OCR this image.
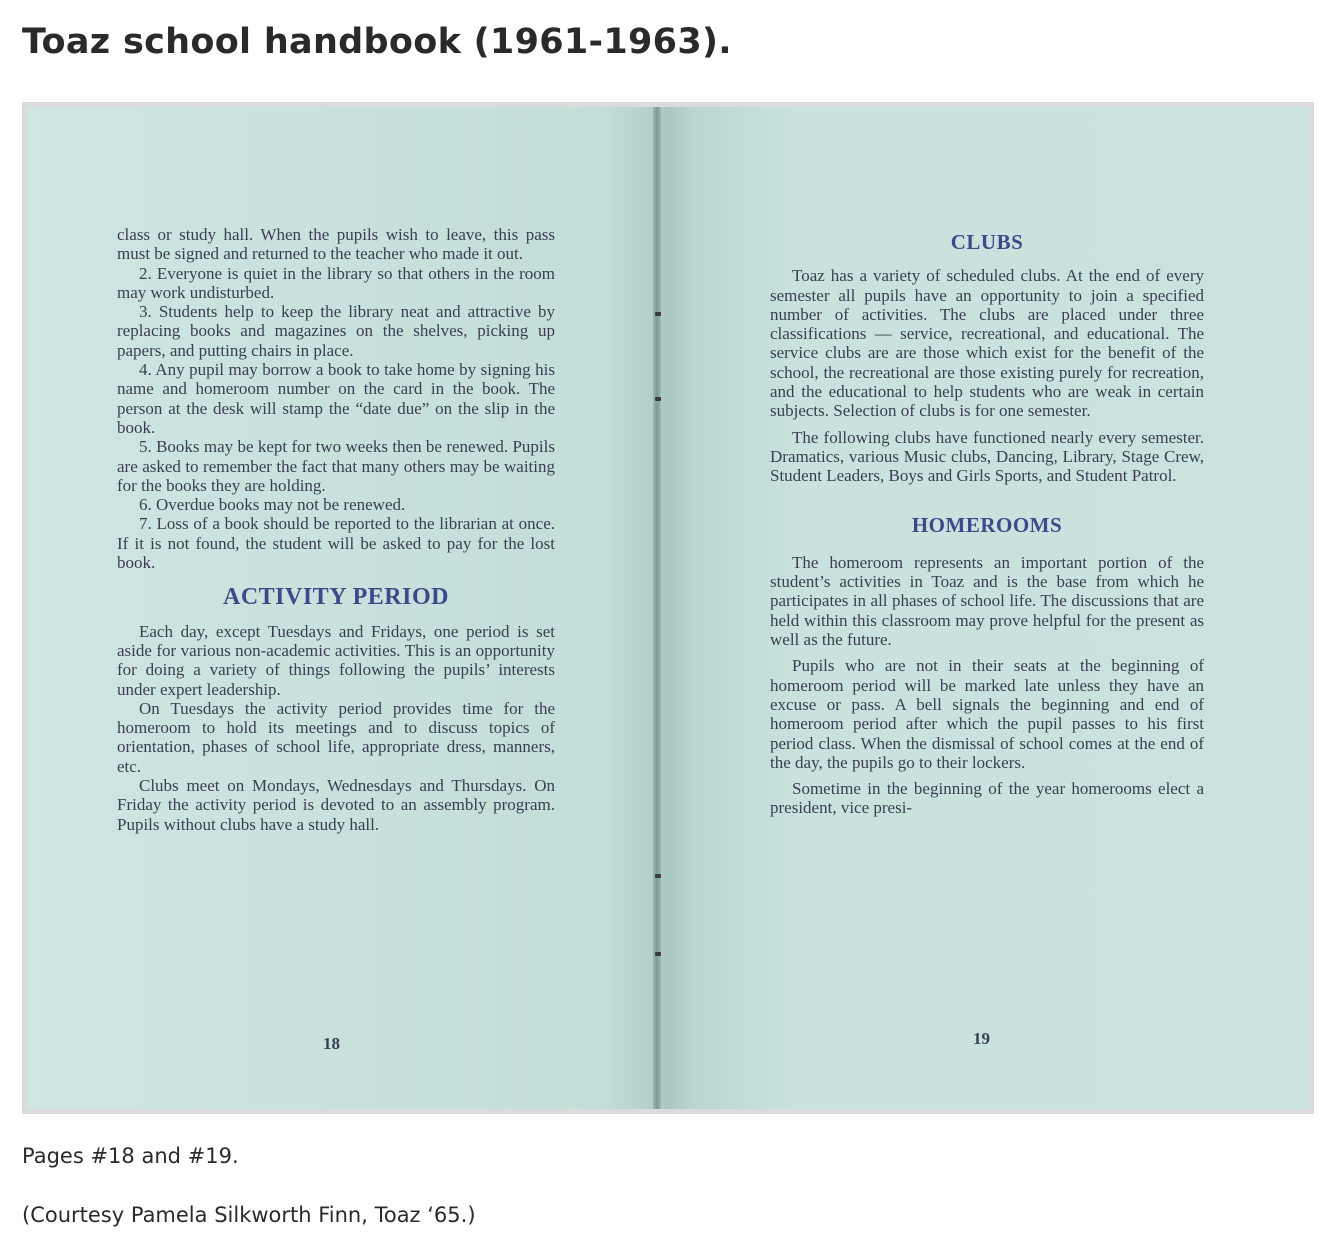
Toaz school handbook (1961-1963).

class or study hall. When the pupils wish to leave, this pass must be signed and returned to the teacher who made it out.

2. Everyone is quiet in the library so that others in the room may work undisturbed.

3. Students help to keep the library neat and attractive by replacing books and magazines on the shelves, picking up papers, and putting chairs in place.

4. Any pupil may borrow a book to take home by signing his name and homeroom number on the card in the book. The person at the desk will stamp the “date due” on the slip in the book.

5. Books may be kept for two weeks then be renewed. Pupils are asked to remember the fact that many others may be waiting for the books they are holding.

6. Overdue books may not be renewed.

7. Loss of a book should be reported to the librarian at once. If it is not found, the student will be asked to pay for the lost book.

ACTIVITY PERIOD

Each day, except Tuesdays and Fridays, one period is set aside for various non-academic activities. This is an opportunity for doing a variety of things following the pupils’ interests under expert leadership.

On Tuesdays the activity period provides time for the homeroom to hold its meetings and to discuss topics of orientation, phases of school life, appropriate dress, manners, etc.

Clubs meet on Mondays, Wednesdays and Thursdays. On Friday the activity period is devoted to an assembly program. Pupils without clubs have a study hall.

18
CLUBS

Toaz has a variety of scheduled clubs. At the end of every semester all pupils have an opportunity to join a specified number of activities. The clubs are placed under three classifications — service, recreational, and educational. The service clubs are are those which exist for the benefit of the school, the recreational are those existing purely for recreation, and the educational to help students who are weak in certain subjects. Selection of clubs is for one semester.

The following clubs have functioned nearly every semester. Dramatics, various Music clubs, Dancing, Library, Stage Crew, Student Leaders, Boys and Girls Sports, and Student Patrol.

HOMEROOMS

The homeroom represents an important portion of the student’s activities in Toaz and is the base from which he participates in all phases of school life. The discussions that are held within this classroom may prove helpful for the present as well as the future.

Pupils who are not in their seats at the beginning of homeroom period will be marked late unless they have an excuse or pass. A bell signals the beginning and end of homeroom period after which the pupil passes to his first period class. When the dismissal of school comes at the end of the day, the pupils go to their lockers.

Sometime in the beginning of the year homerooms elect a president, vice presi-

19

Pages #18 and #19.

(Courtesy Pamela Silkworth Finn, Toaz ‘65.)
